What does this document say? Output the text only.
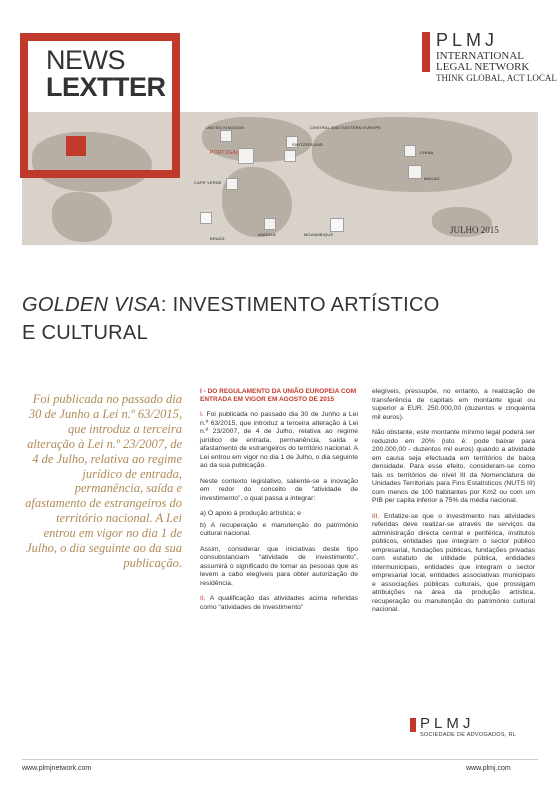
UNITED KINGDOM	CENTRAL AND EASTERN EUROPE
PORTUGAL
SWITZERLAND
CHINA
MACAO
CAPE VERDE
BRAZIL
ANGOLA	MOZAMBIQUE
NEWS
LEXTTER
PLMJ
INTERNATIONAL
LEGAL NETWORK
THINK GLOBAL, ACT LOCAL
JULHO 2015
GOLDEN VISA: INVESTIMENTO ARTÍSTICO
E CULTURAL
Foi publicada no passado dia 30 de Junho a Lei n.º 63/2015, que introduz a terceira alteração à Lei n.º 23/2007, de 4 de Julho, relativa ao regime jurídico de entrada, permanência, saída e afastamento de estrangeiros do território nacional. A Lei entrou em vigor no dia 1 de Julho, o dia seguinte ao da sua publicação.

I - DO REGULAMENTO DA UNIÃO EUROPEIA COM ENTRADA EM VIGOR EM AGOSTO DE 2015

I. Foi publicada no passado dia 30 de Junho a Lei n.º 63/2015, que introduz a terceira alteração à Lei n.º 23/2007, de 4 de Julho, relativa ao regime jurídico de entrada, permanência, saída e afastamento de estrangeiros do território nacional. A Lei entrou em vigor no dia 1 de Julho, o dia seguinte ao da sua publicação.

Neste contexto legislativo, saliente-se a inovação em redor do conceito de “atividade de investimento”, o qual passa a integrar:

a) O apoio à produção artística; e
b) A recuperação e manutenção do património cultural nacional.

Assim, considerar que iniciativas deste tipo consubstanciam “atividade de investimento”, assumirá o significado de tomar as pessoas que as levem a cabo elegíveis para obter autorização de residência.

II. A qualificação das atividades acima referidas como “atividades de investimento”

elegíveis, pressupõe, no entanto, a realização de transferência de capitais em montante igual ou superior a EUR. 250.000,00 (duzentos e cinquenta mil euros).

Não obstante, este montante mínimo legal poderá ser reduzido em 20% (isto é: pode baixar para 200.000,00 - duzentos mil euros) quando a atividade em causa seja efectuada em territórios de baixa densidade. Para esse efeito, consideram-se como tais os territórios de nível III da Nomenclatura de Unidades Territoriais para Fins Estatísticos (NUTS III) com menos de 100 habitantes por Km2 ou com um PIB per capita inferior a 75% da média nacional.

III. Enfatize-se que o investimento nas atividades referidas deve realizar-se através de serviços da administração directa central e periférica, institutos públicos, entidades que integram o sector público empresarial, fundações públicas, fundações privadas com estatuto de utilidade pública, entidades intermunicipais, entidades que integram o sector empresarial local, entidades associativas municipais e associações públicas culturais, que prossigam atribuições na área da produção artística, recuperação ou manutenção do património cultural nacional.

PLMJ
SOCIEDADE DE ADVOGADOS, RL
www.plmjnetwork.com	www.plmj.com
